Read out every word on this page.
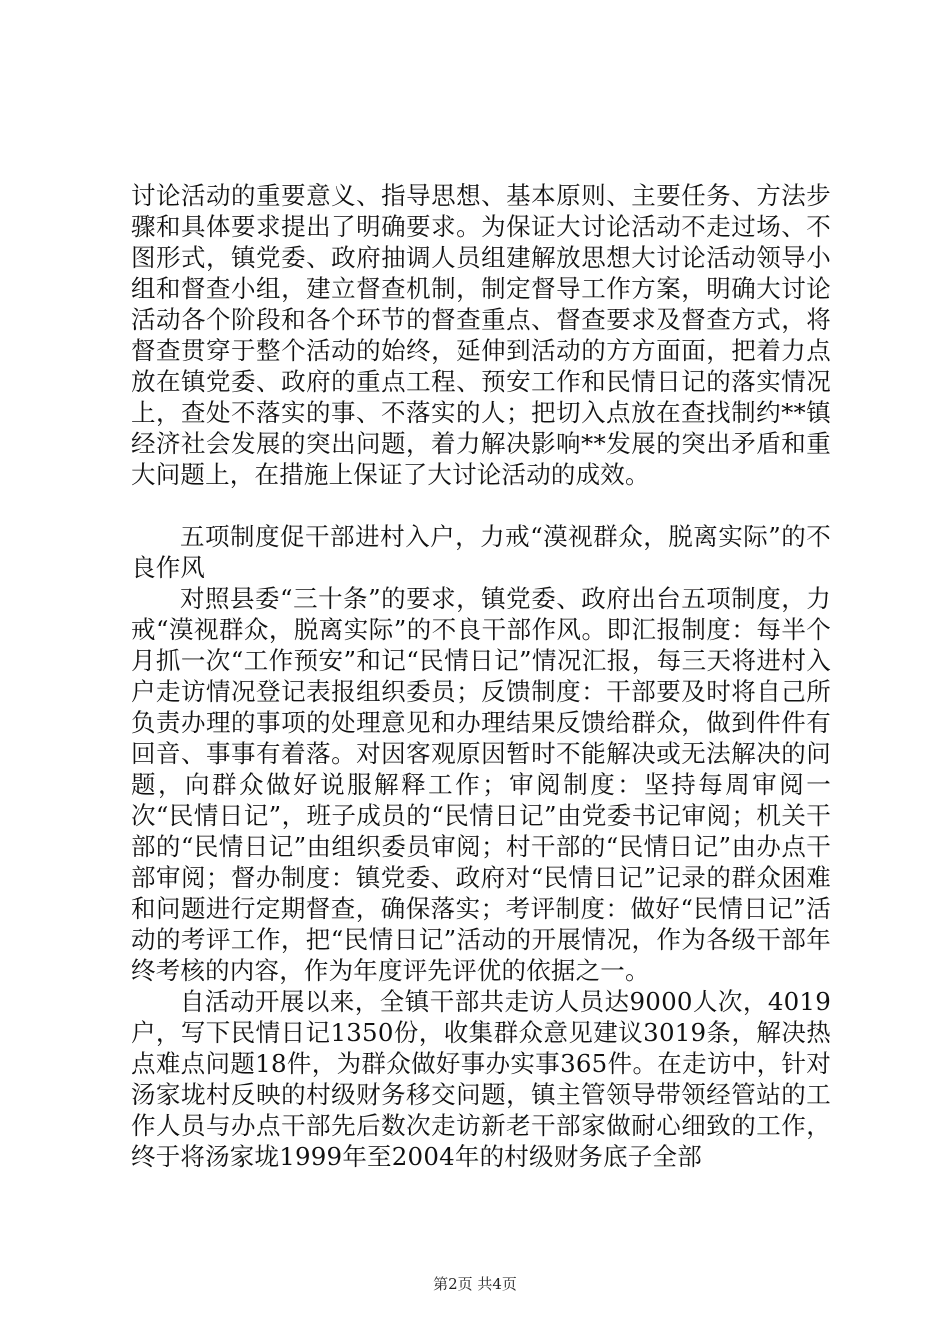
讨论活动的重要意义、指导思想、基本原则、主要任务、方法步骤和具体要求提出了明确要求。为保证大讨论活动不走过场、不图形式，镇党委、政府抽调人员组建解放思想大讨论活动领导小组和督查小组，建立督查机制，制定督导工作方案，明确大讨论活动各个阶段和各个环节的督查重点、督查要求及督查方式，将督查贯穿于整个活动的始终，延伸到活动的方方面面，把着力点放在镇党委、政府的重点工程、预安工作和民情日记的落实情况上，查处不落实的事、不落实的人；把切入点放在查找制约**镇经济社会发展的突出问题，着力解决影响**发展的突出矛盾和重大问题上，在措施上保证了大讨论活动的成效。

五项制度促干部进村入户，力戒“漠视群众，脱离实际”的不良作风

对照县委“三十条”的要求，镇党委、政府出台五项制度，力戒“漠视群众，脱离实际”的不良干部作风。即汇报制度：每半个月抓一次“工作预安”和记“民情日记”情况汇报，每三天将进村入户走访情况登记表报组织委员；反馈制度：干部要及时将自己所负责办理的事项的处理意见和办理结果反馈给群众，做到件件有回音、事事有着落。对因客观原因暂时不能解决或无法解决的问题，向群众做好说服解释工作；审阅制度：坚持每周审阅一次“民情日记”，班子成员的“民情日记”由党委书记审阅；机关干部的“民情日记”由组织委员审阅；村干部的“民情日记”由办点干部审阅；督办制度：镇党委、政府对“民情日记”记录的群众困难和问题进行定期督查，确保落实；考评制度：做好“民情日记”活动的考评工作，把“民情日记”活动的开展情况，作为各级干部年终考核的内容，作为年度评先评优的依据之一。

自活动开展以来，全镇干部共走访人员达9000人次，4019户，写下民情日记1350份，收集群众意见建议3019条，解决热点难点问题18件，为群众做好事办实事365件。在走访中，针对汤家垅村反映的村级财务移交问题，镇主管领导带领经管站的工作人员与办点干部先后数次走访新老干部家做耐心细致的工作，终于将汤家垅1999年至2004年的村级财务底子全部

第2页 共4页
